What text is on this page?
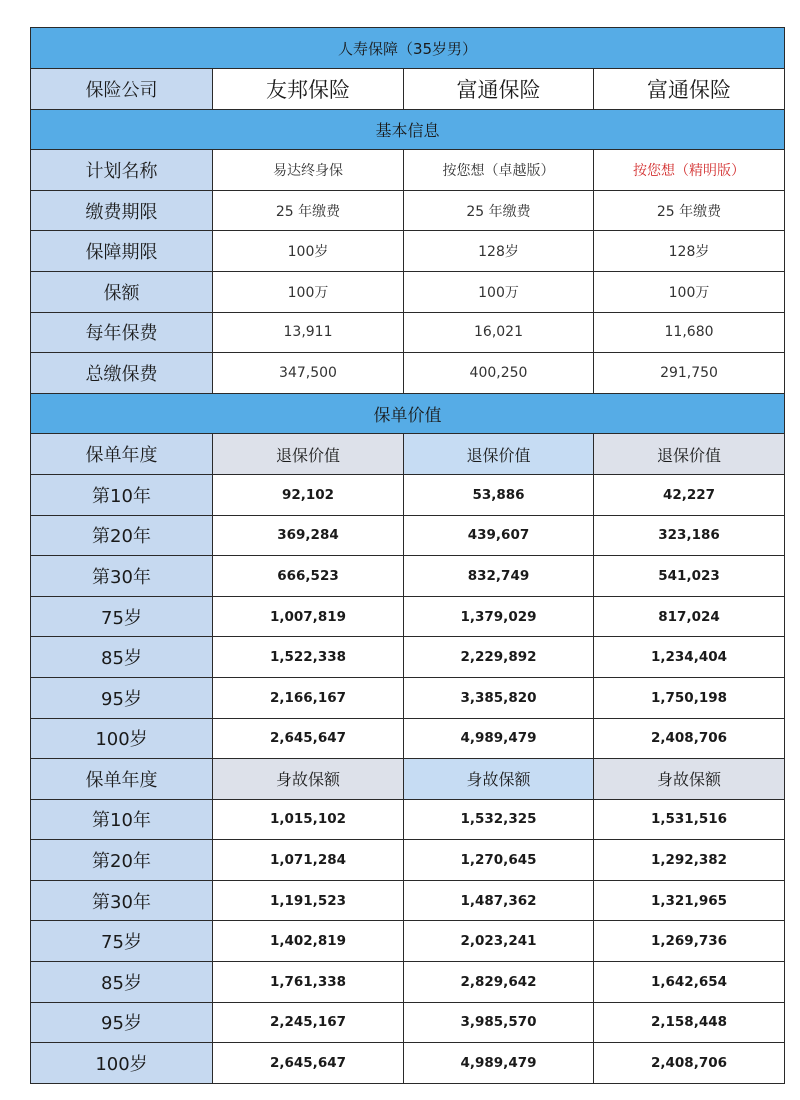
人寿保障（35岁男）			
保险公司	友邦保险	富通保险	富通保险
基本信息			
计划名称	易达终身保	按您想（卓越版）	按您想（精明版）
缴费期限	25 年缴费	25 年缴费	25 年缴费
保障期限	100岁	128岁	128岁
保额	100万	100万	100万
每年保费	13,911	16,021	11,680
总缴保费	347,500	400,250	291,750
保单价值			
保单年度	退保价值	退保价值	退保价值
第10年	92,102	53,886	42,227
第20年	369,284	439,607	323,186
第30年	666,523	832,749	541,023
75岁	1,007,819	1,379,029	817,024
85岁	1,522,338	2,229,892	1,234,404
95岁	2,166,167	3,385,820	1,750,198
100岁	2,645,647	4,989,479	2,408,706
保单年度	身故保额	身故保额	身故保额
第10年	1,015,102	1,532,325	1,531,516
第20年	1,071,284	1,270,645	1,292,382
第30年	1,191,523	1,487,362	1,321,965
75岁	1,402,819	2,023,241	1,269,736
85岁	1,761,338	2,829,642	1,642,654
95岁	2,245,167	3,985,570	2,158,448
100岁	2,645,647	4,989,479	2,408,706
